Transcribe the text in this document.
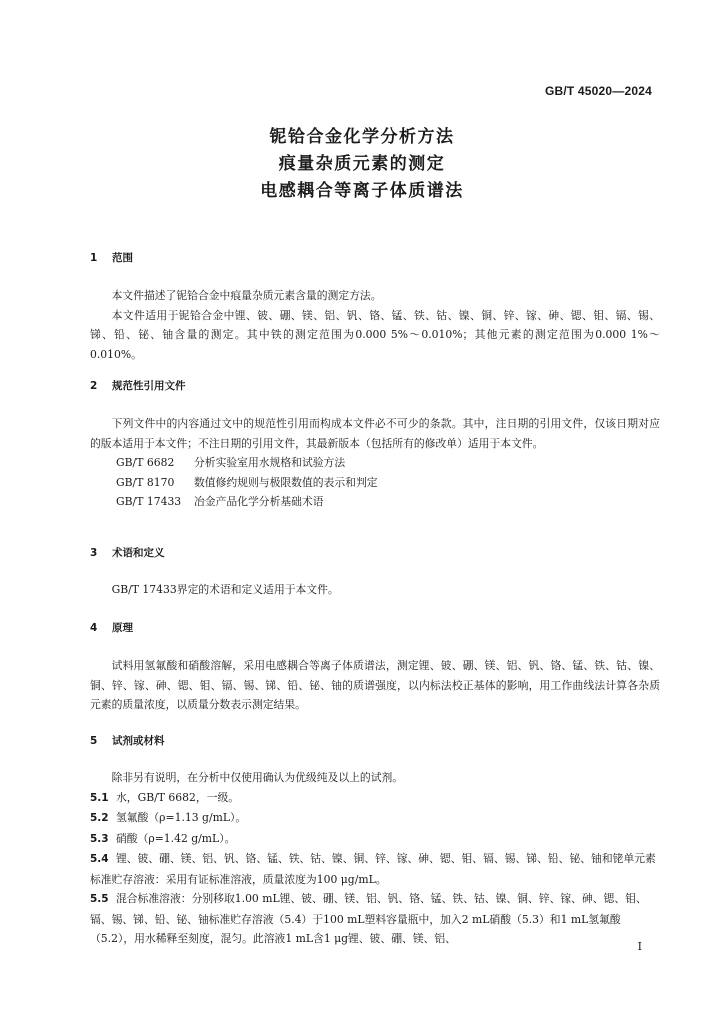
GB/T 45020—2024
铌铪合金化学分析方法
痕量杂质元素的测定
电感耦合等离子体质谱法
1 范围
本文件描述了铌铪合金中痕量杂质元素含量的测定方法。
本文件适用于铌铪合金中锂、铍、硼、镁、铝、钒、铬、锰、铁、钴、镍、铜、锌、镓、砷、锶、钼、镉、锡、锑、铅、铋、铀含量的测定。其中铁的测定范围为0.000 5%～0.010%；其他元素的测定范围为0.000 1%～0.010%。
2 规范性引用文件
下列文件中的内容通过文中的规范性引用而构成本文件必不可少的条款。其中，注日期的引用文件，仅该日期对应的版本适用于本文件；不注日期的引用文件，其最新版本（包括所有的修改单）适用于本文件。
GB/T 6682 分析实验室用水规格和试验方法
GB/T 8170 数值修约规则与极限数值的表示和判定
GB/T 17433 冶金产品化学分析基础术语
3 术语和定义
GB/T 17433界定的术语和定义适用于本文件。
4 原理
试料用氢氟酸和硝酸溶解，采用电感耦合等离子体质谱法，测定锂、铍、硼、镁、铝、钒、铬、锰、铁、钴、镍、铜、锌、镓、砷、锶、钼、镉、锡、锑、铅、铋、铀的质谱强度，以内标法校正基体的影响，用工作曲线法计算各杂质元素的质量浓度，以质量分数表示测定结果。
5 试剂或材料
除非另有说明，在分析中仅使用确认为优级纯及以上的试剂。
5.1 水，GB/T 6682，一级。
5.2 氢氟酸（ρ=1.13 g/mL）。
5.3 硝酸（ρ=1.42 g/mL）。
5.4 锂、铍、硼、镁、铝、钒、铬、锰、铁、钴、镍、铜、锌、镓、砷、锶、钼、镉、锡、锑、铅、铋、铀和铑单元素标准贮存溶液：采用有证标准溶液，质量浓度为100 μg/mL。
5.5 混合标准溶液：分别移取1.00 mL锂、铍、硼、镁、铝、钒、铬、锰、铁、钴、镍、铜、锌、镓、砷、锶、钼、镉、锡、锑、铅、铋、铀标准贮存溶液（5.4）于100 mL塑料容量瓶中，加入2 mL硝酸（5.3）和1 mL氢氟酸（5.2），用水稀释至刻度，混匀。此溶液1 mL含1 μg锂、铍、硼、镁、铝、
I
